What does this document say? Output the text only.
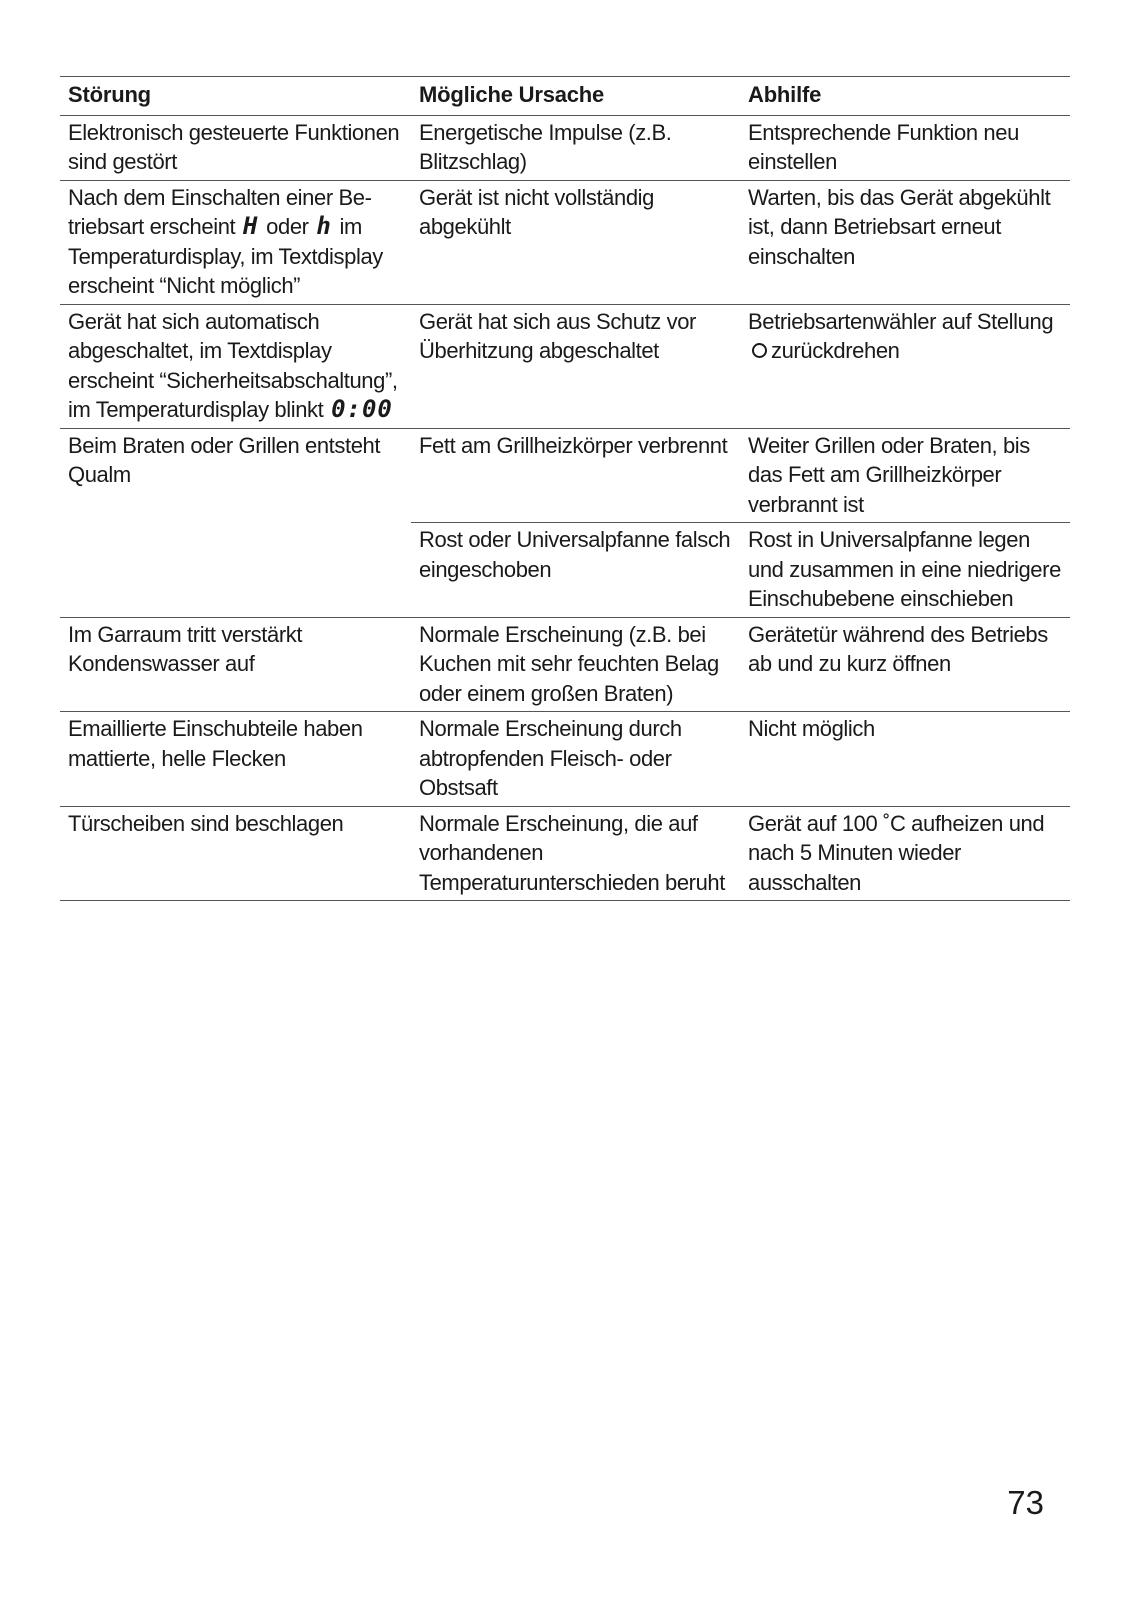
Störung	Mögliche Ursache	Abhilfe
Elektronisch gesteuerte Funktionen sind gestört	Energetische Impulse (z.B. Blitzschlag)	Entsprechende Funktion neu einstellen
Nach dem Einschalten einer Be-triebsart erscheint H oder h im Temperaturdisplay, im Textdisplay erscheint “Nicht möglich”	Gerät ist nicht vollständig abgekühlt	Warten, bis das Gerät abgekühlt ist, dann Betriebsart erneut einschalten
Gerät hat sich automatisch abgeschaltet, im Textdisplay erscheint “Sicherheitsabschaltung”, im Temperaturdisplay blinkt 0:00	Gerät hat sich aus Schutz vor Überhitzung abgeschaltet	Betriebsartenwähler auf Stellungzurückdrehen
Beim Braten oder Grillen entsteht Qualm	Fett am Grillheizkörper verbrennt	Weiter Grillen oder Braten, bis das Fett am Grillheizkörper verbrannt ist
	Rost oder Universalpfanne falsch eingeschoben	Rost in Universalpfanne legen und zusammen in eine niedrigere Einschubebene einschieben
Im Garraum tritt verstärkt Kondenswasser auf	Normale Erscheinung (z.B. bei Kuchen mit sehr feuchten Belag oder einem großen Braten)	Gerätetür während des Betriebs ab und zu kurz öffnen
Emaillierte Einschubteile haben mattierte, helle Flecken	Normale Erscheinung durch abtropfenden Fleisch- oder Obstsaft	Nicht möglich
Türscheiben sind beschlagen	Normale Erscheinung, die auf vorhandenen Temperaturunterschieden beruht	Gerät auf 100 ˚C aufheizen und nach 5 Minuten wieder ausschalten
73
